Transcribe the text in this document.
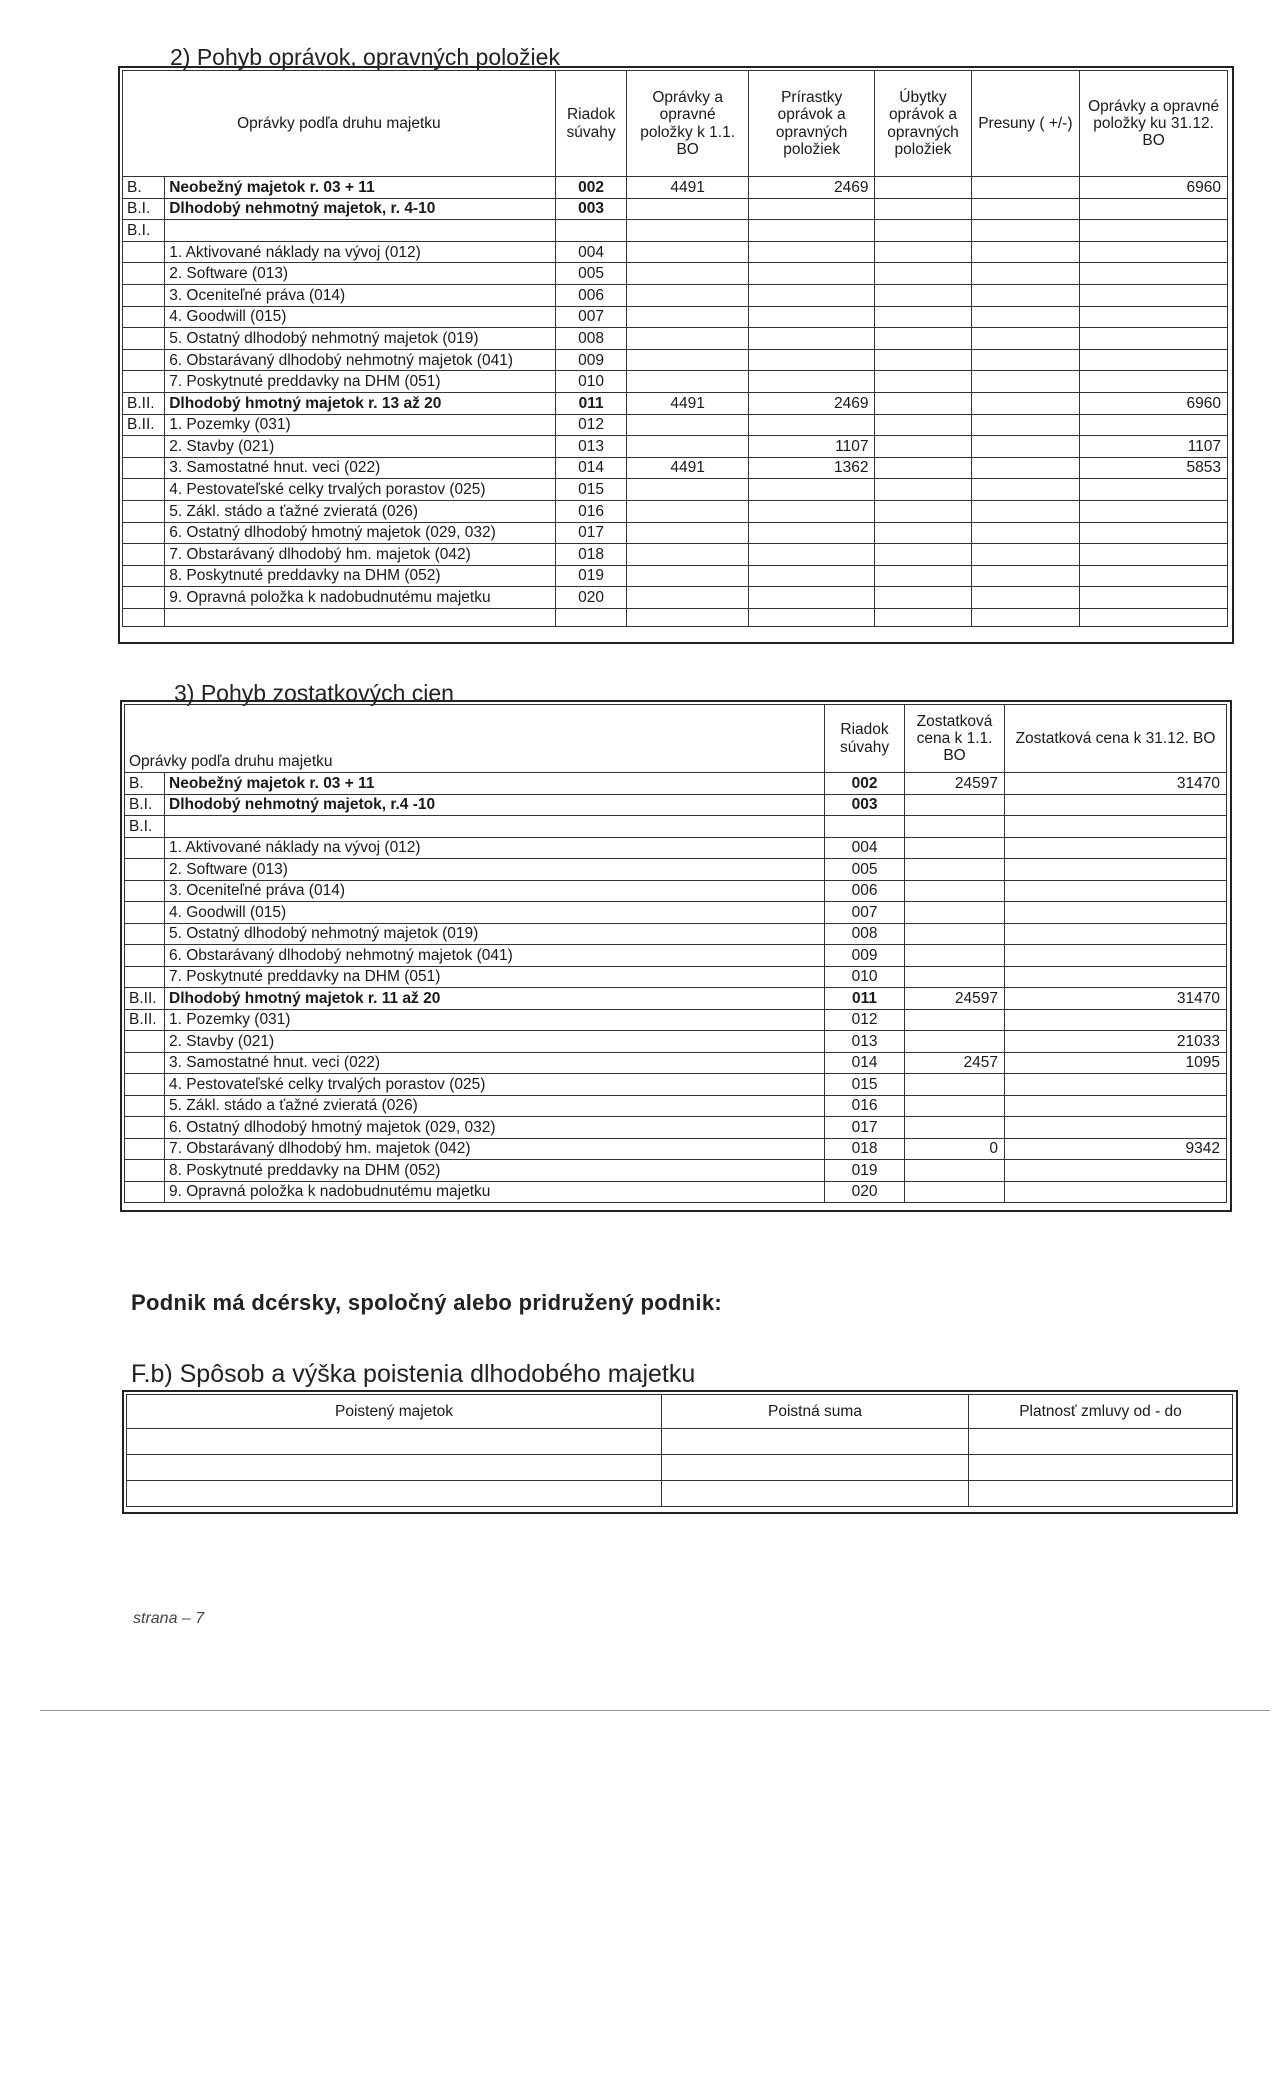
2) Pohyb oprávok, opravných položiek
Oprávky podľa druhu majetku		Riadok súvahy	Oprávky a opravné položky k 1.1. BO	Prírastky oprávok a opravných položiek	Úbytky oprávok a opravných položiek	Presuny ( +/-)	Oprávky a opravné položky ku 31.12. BO
B.	Neobežný majetok r. 03 + 11	002	4491	2469			6960
B.I.	Dlhodobý nehmotný majetok, r. 4-10	003					
B.I.							
	1. Aktivované náklady na vývoj (012)	004					
	2. Software (013)	005					
	3. Oceniteľné práva (014)	006					
	4. Goodwill (015)	007					
	5. Ostatný dlhodobý nehmotný majetok (019)	008					
	6. Obstarávaný dlhodobý nehmotný majetok (041)	009					
	7. Poskytnuté preddavky na DHM (051)	010					
B.II.	Dlhodobý hmotný majetok r. 13 až 20	011	4491	2469			6960
B.II.	1. Pozemky (031)	012					
	2. Stavby (021)	013		1107			1107
	3. Samostatné hnut. veci (022)	014	4491	1362			5853
	4. Pestovateľské celky trvalých porastov (025)	015					
	5. Zákl. stádo a ťažné zvieratá (026)	016					
	6. Ostatný dlhodobý hmotný majetok (029, 032)	017					
	7. Obstarávaný dlhodobý hm. majetok (042)	018					
	8. Poskytnuté preddavky na DHM (052)	019					
	9. Opravná položka k nadobudnutému majetku	020					

3) Pohyb zostatkových cien
Oprávky podľa druhu majetku		Riadok súvahy	Zostatková cena k 1.1. BO	Zostatková cena k 31.12. BO
B.	Neobežný majetok r. 03 + 11	002	24597	31470
B.I.	Dlhodobý nehmotný majetok, r.4 -10	003		
B.I.				
	1. Aktivované náklady na vývoj (012)	004		
	2. Software (013)	005		
	3. Oceniteľné práva (014)	006		
	4. Goodwill (015)	007		
	5. Ostatný dlhodobý nehmotný majetok (019)	008		
	6. Obstarávaný dlhodobý nehmotný majetok (041)	009		
	7. Poskytnuté preddavky na DHM (051)	010		
B.II.	Dlhodobý hmotný majetok r. 11 až 20	011	24597	31470
B.II.	1. Pozemky (031)	012		
	2. Stavby (021)	013		21033
	3. Samostatné hnut. veci (022)	014	2457	1095
	4. Pestovateľské celky trvalých porastov (025)	015		
	5. Zákl. stádo a ťažné zvieratá (026)	016		
	6. Ostatný dlhodobý hmotný majetok (029, 032)	017		
	7. Obstarávaný dlhodobý hm. majetok (042)	018	0	9342
	8. Poskytnuté preddavky na DHM (052)	019		
	9. Opravná položka k nadobudnutému majetku	020		
Podnik má dcérsky, spoločný alebo pridružený podnik:
F.b) Spôsob a výška poistenia dlhodobého majetku
Poistený majetok	Poistná suma	Platnosť zmluvy od - do

strana – 7
